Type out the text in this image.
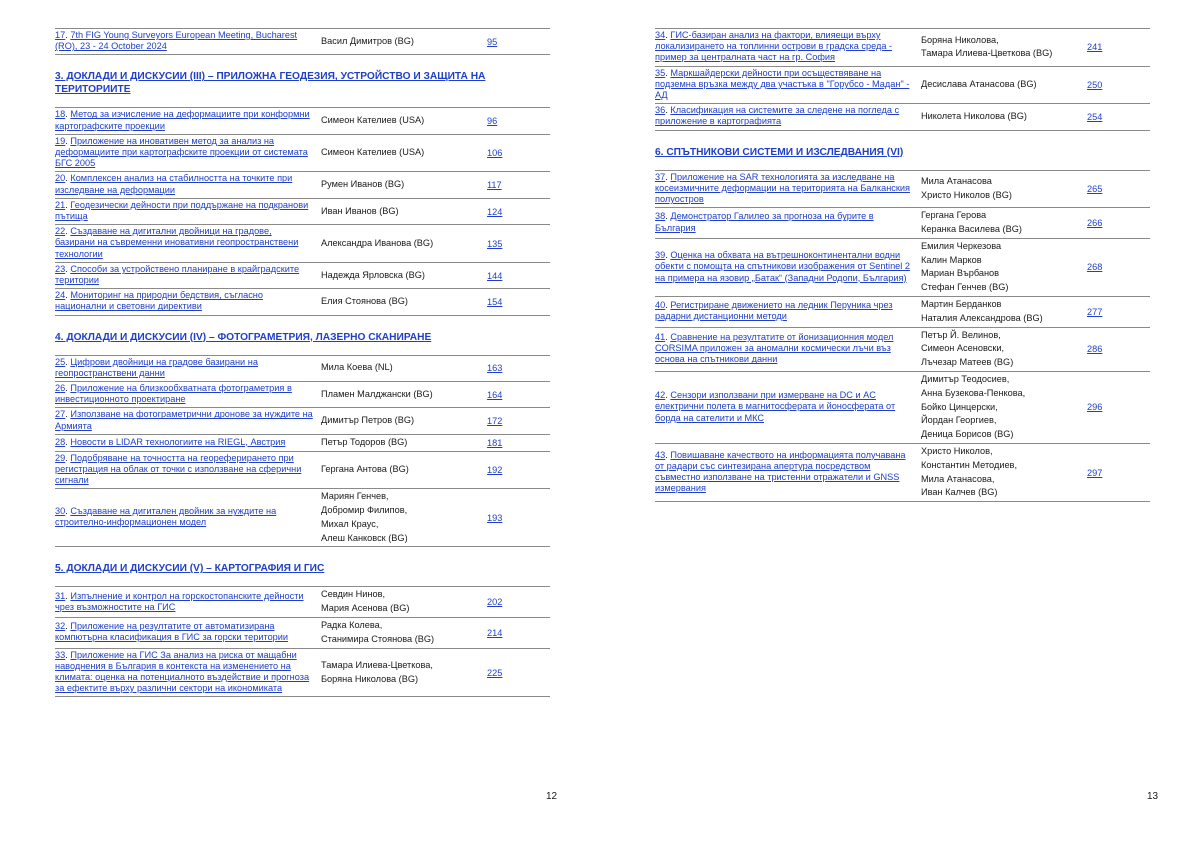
17. 7th FIG Young Surveyors European Meeting, Bucharest (RO), 23 - 24 October 2024
Васил Димитров (BG)	95
3. ДОКЛАДИ И ДИСКУСИИ (III) – ПРИЛОЖНА ГЕОДЕЗИЯ, УСТРОЙСТВО И ЗАЩИТА НА ТЕРИТОРИИТЕ
18. Метод за изчисление на деформациите при конформни картографските проекции
Симеон Кателиев (USA)	96
19. Приложение на иновативен метод за анализ на деформациите при картографските проекции от системата БГС 2005
Симеон Кателиев (USA)	106
20. Комплексен анализ на стабилността на точките при изследване на деформации
Румен Иванов (BG)	117
21. Геодезически дейности при поддържане на подкранови пътища
Иван Иванов (BG)	124
22. Създаване на дигитални двойници на градове, базирани на съвременни иновативни геопространствени технологии
Александра Иванова (BG)	135
23. Способи за устройствено планиране в крайградските територии
Надежда Ярловска (BG)	144
24. Мониторинг на природни бедствия, съгласно национални и световни директиви
Елия Стоянова (BG)	154
4. ДОКЛАДИ И ДИСКУСИИ (IV) – ФОТОГРАМЕТРИЯ, ЛАЗЕРНО СКАНИРАНЕ
25. Цифрови двойници на градове базирани на геопространствени данни
Мила Коева (NL)	163
26. Приложение на близкообхватната фотограметрия в инвестиционното проектиране
Пламен Малджански (BG)	164
27. Използване на фотограметрични дронове за нуждите на Армията
Димитър Петров (BG)	172
28. Новости в LIDAR технологиите на RIEGL, Австрия	Петър Тодоров (BG)	181
29. Подобряване на точността на геореферирането при регистрация на облак от точки с използване на сферични сигнали
Гергана Антова (BG)	192
30. Създаване на дигитален двойник за нуждите на строително-информационен модел
Мариян Генчев,
Добромир Филипов,
Михал Краус,
Алеш Канковск (BG)
193
5. ДОКЛАДИ И ДИСКУСИИ (V) – КАРТОГРАФИЯ И ГИС
31. Изпълнение и контрол на горскостопанските дейности чрез възможностите на ГИС
Севдин Нинов,
Мария Асенова (BG)
202
32. Приложение на резултатите от автоматизирана компютърна класификация в ГИС за горски територии
Радка Колева,
Станимира Стоянова (BG)
214
33. Приложение на ГИС За анализ на риска от мащабни наводнения в България в контекста на изменението на климата: оценка на потенциалното въздействие и прогноза за ефектите върху различни сектори на икономиката
Тамара Илиева-Цветкова,
Боряна Николова (BG)
225
12
34. ГИС-базиран анализ на фактори, влияещи върху локализирането на топлинни острови в градска среда - пример за централната част на гр. София
Боряна Николова,
Тамара Илиева-Цветкова (BG)
241
35. Маркшайдерски дейности при осъществяване на подземна връзка между два участъка в "Горубсо - Мадан" - АД
Десислава Атанасова (BG)	250
36. Класификация на системите за следене на погледа с приложение в картографията
Николета Николова (BG)	254
6. СПЪТНИКОВИ СИСТЕМИ И ИЗСЛЕДВАНИЯ (VI)
37. Приложение на SAR технологията за изследване на косеизмичните деформации на територията на Балканския полуостров
Мила Атанасова
Христо Николов (BG)
265
38. Демонстратор Галилео за прогноза на бурите в България
Гергана Герова
Керанка Василева (BG)
266
39. Оценка на обхвата на вътрешноконтинентални водни обекти с помощта на спътникови изображения от Sentinel 2 на примера на язовир „Батак“ (Западни Родопи, България)
Емилия Черкезова
Калин Марков
Мариан Върбанов
Стефан Генчев (BG)
268
40. Регистриране движението на ледник Перуника чрез радарни дистанционни методи
Мартин Берданков
Наталия Александрова (BG)
277
41. Сравнение на резултатите от йонизационния модел CORSIMA приложен за аномални космически лъчи въз основа на спътникови данни
Петър Й. Велинов,
Симеон Асеновски,
Лъчезар Матеев (BG)
286
42. Сензори използвани при измерване на DC и AC електрични полета в магнитосферата и йоносферата от борда на сателити и МКС
Димитър Теодосиев,
Анна Бузекова-Пенкова,
Бойко Цинцерски,
Йордан Георгиев,
Деница Борисов (BG)
296
43. Повишаване качеството на информацията получавана от радари със синтезирана апертура посредством съвместно използване на тристенни отражатели и GNSS измервания
Христо Николов,
Константин Методиев,
Мила Атанасова,
Иван Калчев (BG)
297
13
